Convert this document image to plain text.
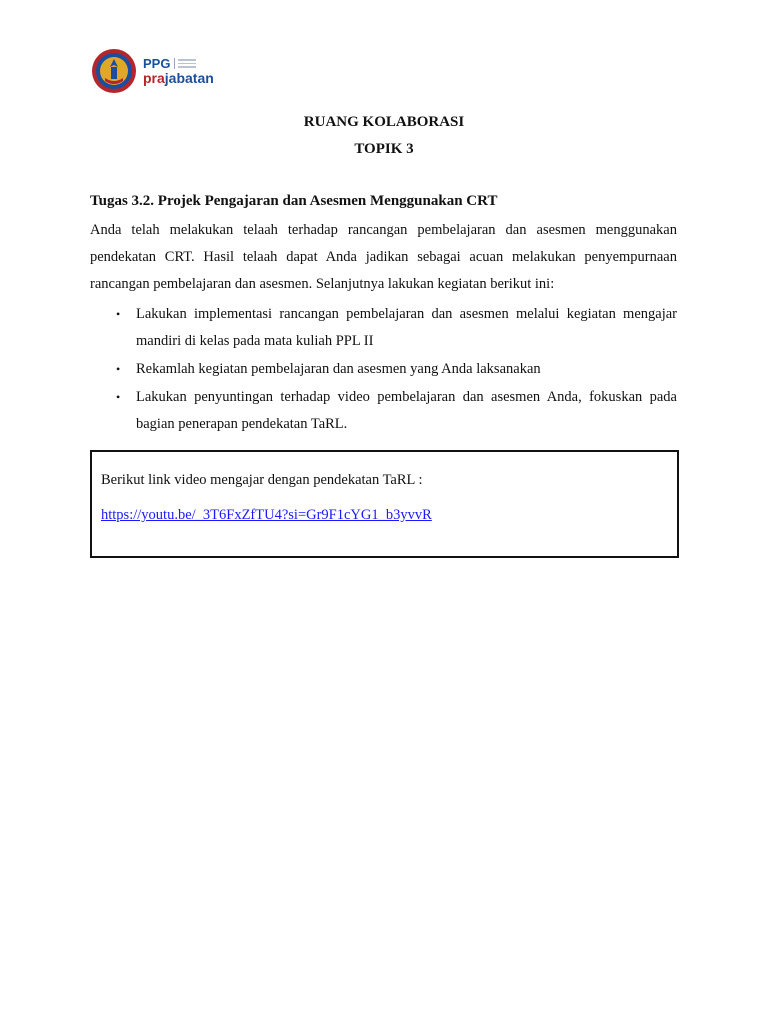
PPG
prajabatan
RUANG KOLABORASI
TOPIK 3

Tugas 3.2. Projek Pengajaran dan Asesmen Menggunakan CRT

Anda telah melakukan telaah terhadap rancangan pembelajaran dan asesmen menggunakan pendekatan CRT. Hasil telaah dapat Anda jadikan sebagai acuan melakukan penyempurnaan rancangan pembelajaran dan asesmen. Selanjutnya lakukan kegiatan berikut ini:

• Lakukan implementasi rancangan pembelajaran dan asesmen melalui kegiatan mengajar mandiri di kelas pada mata kuliah PPL II
• Rekamlah kegiatan pembelajaran dan asesmen yang Anda laksanakan
• Lakukan penyuntingan terhadap video pembelajaran dan asesmen Anda, fokuskan pada bagian penerapan pendekatan TaRL.
Berikut link video mengajar dengan pendekatan TaRL :
https://youtu.be/_3T6FxZfTU4?si=Gr9F1cYG1_b3yvvR
